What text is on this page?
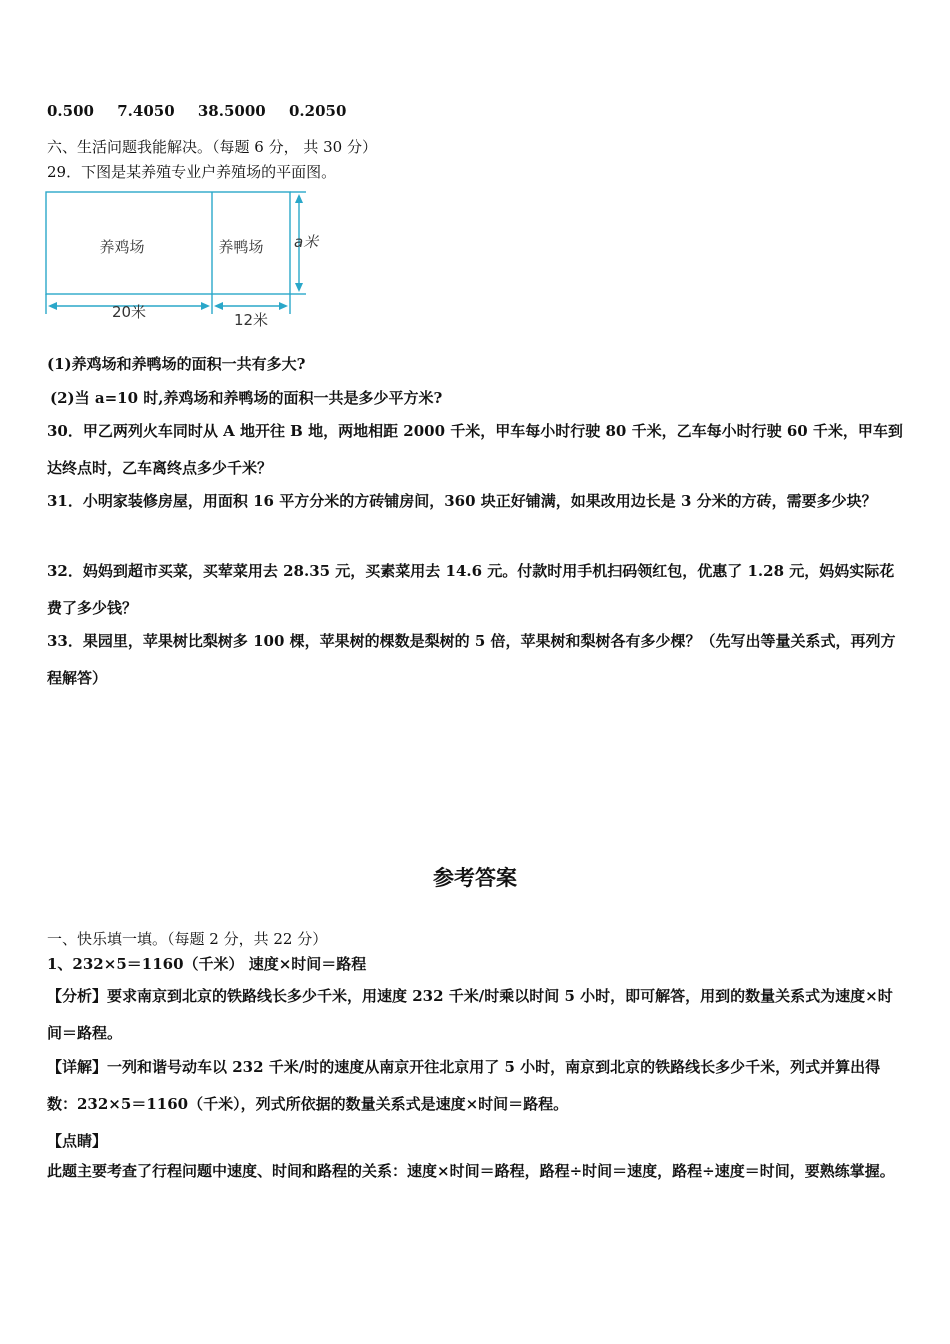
0.500 7.4050 38.5000 0.2050
六、生活问题我能解决。（每题 6 分， 共 30 分）
29．下图是某养殖专业户养殖场的平面图。
养鸡场	养鸭场 a米
20米	12米
(1)养鸡场和养鸭场的面积一共有多大?
(2)当 a=10 时,养鸡场和养鸭场的面积一共是多少平方米?
30．甲乙两列火车同时从 A 地开往 B 地，两地相距 2000 千米，甲车每小时行驶 80 千米，乙车每小时行驶 60 千米，甲车到达终点时，乙车离终点多少千米？
31．小明家装修房屋，用面积 16 平方分米的方砖铺房间，360 块正好铺满，如果改用边长是 3 分米的方砖，需要多少块？
32．妈妈到超市买菜，买荤菜用去 28.35 元，买素菜用去 14.6 元。付款时用手机扫码领红包，优惠了 1.28 元，妈妈实际花费了多少钱？
33．果园里，苹果树比梨树多 100 棵，苹果树的棵数是梨树的 5 倍，苹果树和梨树各有多少棵？（先写出等量关系式，再列方程解答）
参考答案
一、快乐填一填。（每题 2 分，共 22 分）
1、232×5＝1160（千米） 速度×时间＝路程
【分析】要求南京到北京的铁路线长多少千米，用速度 232 千米/时乘以时间 5 小时，即可解答，用到的数量关系式为速度×时间＝路程。
【详解】一列和谐号动车以 232 千米/时的速度从南京开往北京用了 5 小时，南京到北京的铁路线长多少千米，列式并算出得数：232×5＝1160（千米），列式所依据的数量关系式是速度×时间＝路程。
【点睛】
此题主要考查了行程问题中速度、时间和路程的关系：速度×时间＝路程，路程÷时间＝速度，路程÷速度＝时间，要熟练掌握。
